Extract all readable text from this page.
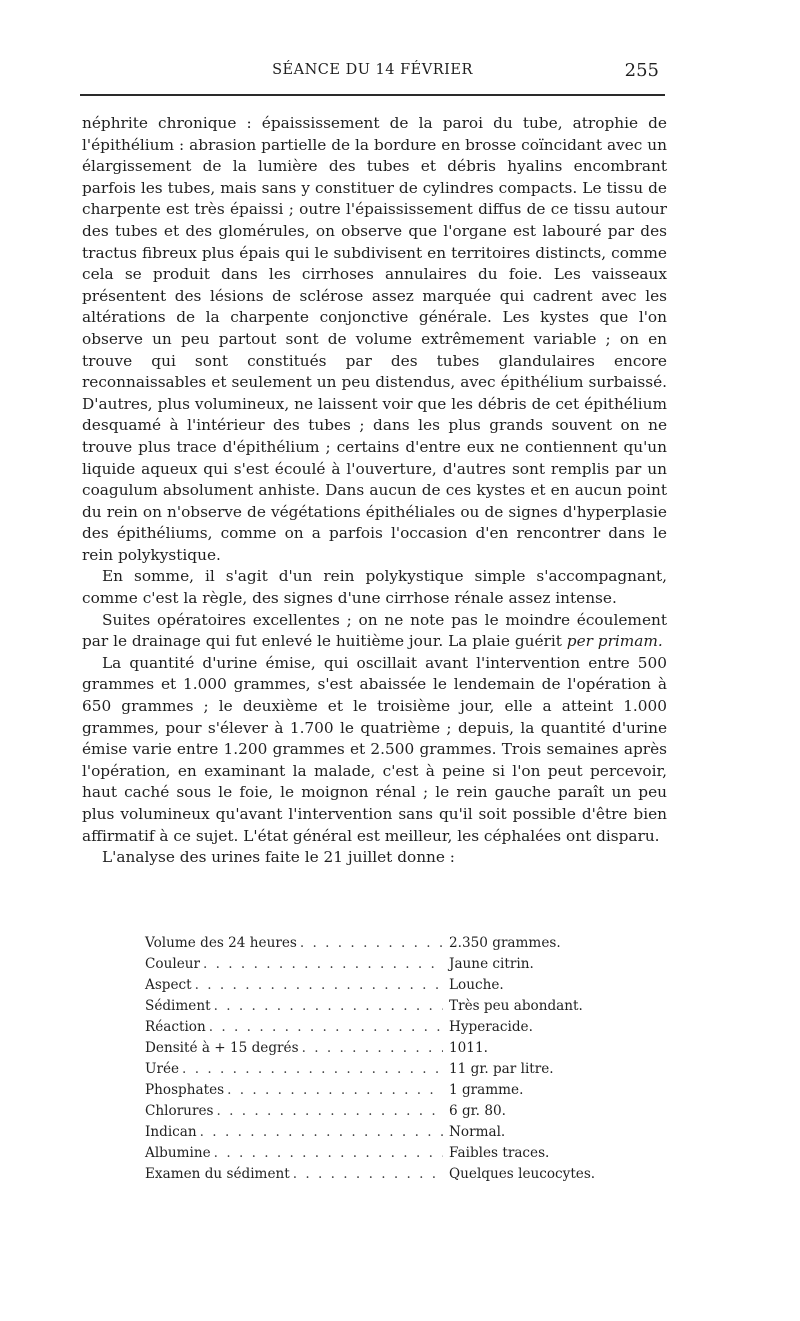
SÉANCE DU 14 FÉVRIER	255

néphrite chronique : épaississement de la paroi du tube, atrophie de l'épithélium : abrasion partielle de la bordure en brosse coïncidant avec un élargissement de la lumière des tubes et débris hyalins encombrant parfois les tubes, mais sans y constituer de cylindres compacts. Le tissu de charpente est très épaissi ; outre l'épaississement diffus de ce tissu autour des tubes et des glomérules, on observe que l'organe est labouré par des tractus fibreux plus épais qui le subdivisent en territoires distincts, comme cela se produit dans les cirrhoses annulaires du foie. Les vaisseaux présentent des lésions de sclérose assez marquée qui cadrent avec les altérations de la charpente conjonctive générale. Les kystes que l'on observe un peu partout sont de volume extrêmement variable ; on en trouve qui sont constitués par des tubes glandulaires encore reconnaissables et seulement un peu distendus, avec épithélium surbaissé. D'autres, plus volumineux, ne laissent voir que les débris de cet épithélium desquamé à l'intérieur des tubes ; dans les plus grands souvent on ne trouve plus trace d'épithélium ; certains d'entre eux ne contiennent qu'un liquide aqueux qui s'est écoulé à l'ouverture, d'autres sont remplis par un coagulum absolument anhiste. Dans aucun de ces kystes et en aucun point du rein on n'observe de végétations épithéliales ou de signes d'hyperplasie des épithéliums, comme on a parfois l'occasion d'en rencontrer dans le rein polykystique.

En somme, il s'agit d'un rein polykystique simple s'accompagnant, comme c'est la règle, des signes d'une cirrhose rénale assez intense.

Suites opératoires excellentes ; on ne note pas le moindre écoulement par le drainage qui fut enlevé le huitième jour. La plaie guérit per primam.

La quantité d'urine émise, qui oscillait avant l'intervention entre 500 grammes et 1.000 grammes, s'est abaissée le lendemain de l'opération à 650 grammes ; le deuxième et le troisième jour, elle a atteint 1.000 grammes, pour s'élever à 1.700 le quatrième ; depuis, la quantité d'urine émise varie entre 1.200 grammes et 2.500 grammes. Trois semaines après l'opération, en examinant la malade, c'est à peine si l'on peut percevoir, haut caché sous le foie, le moignon rénal ; le rein gauche paraît un peu plus volumineux qu'avant l'intervention sans qu'il soit possible d'être bien affirmatif à ce sujet. L'état général est meilleur, les céphalées ont disparu.

L'analyse des urines faite le 21 juillet donne :

Volume des 24 heures . . .	2.350 grammes.
Couleur . . .	Jaune citrin.
Aspect . . .	Louche.
Sédiment . . .	Très peu abondant.
Réaction . . .	Hyperacide.
Densité à + 15 degrés . . .	1011.
Urée . . .	11 gr. par litre.
Phosphates . . .	1 gramme.
Chlorures . . .	6 gr. 80.
Indican . . .	Normal.
Albumine . . .	Faibles traces.
Examen du sédiment . . .	Quelques leucocytes.
